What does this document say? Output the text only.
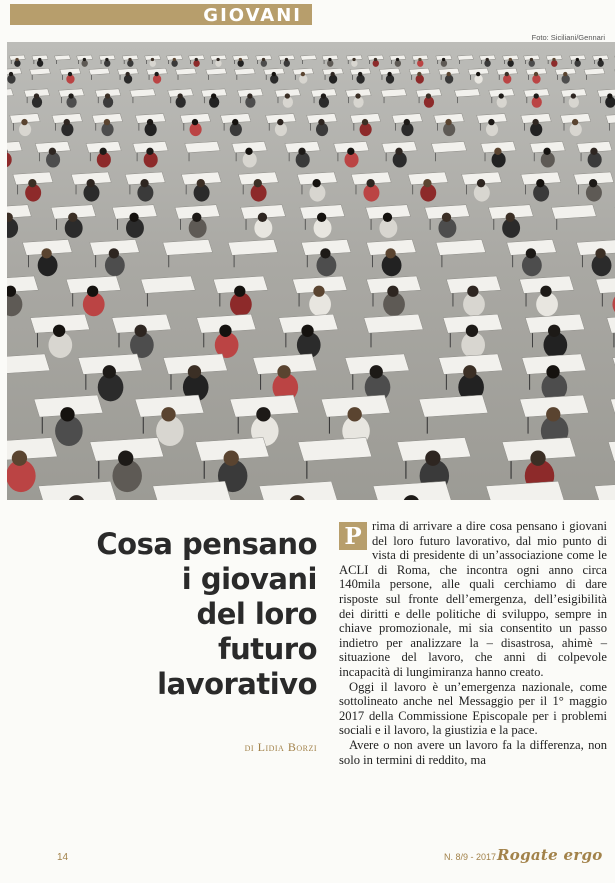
GIOVANI
Foto: Siciliani/Gennari
Cosa pensano
i giovani
del loro
futuro
lavorativo
di Lidia Borzi

P rima di arrivare a dire cosa pensano i giovani del loro futuro lavorativo, dal mio punto di vista di presidente di un’associazione come le ACLI di Roma, che incontra ogni anno circa 140mila persone, alle quali cerchiamo di dare risposte sul fronte dell’emergenza, dell’esigibilità dei diritti e delle politiche di sviluppo, sempre in chiave promozionale, mi sia consentito un passo indietro per analizzare la – disastrosa, ahimè – situazione del lavoro, che anni di colpevole incapacità di lungimiranza hanno creato.

Oggi il lavoro è un’emergenza nazionale, come sottolineato anche nel Messaggio per il 1° maggio 2017 della Commissione Episcopale per i problemi sociali e il lavoro, la giustizia e la pace.

Avere o non avere un lavoro fa la differenza, non solo in termini di reddito, ma

14	N. 8/9 - 2017 Rogate ergo
